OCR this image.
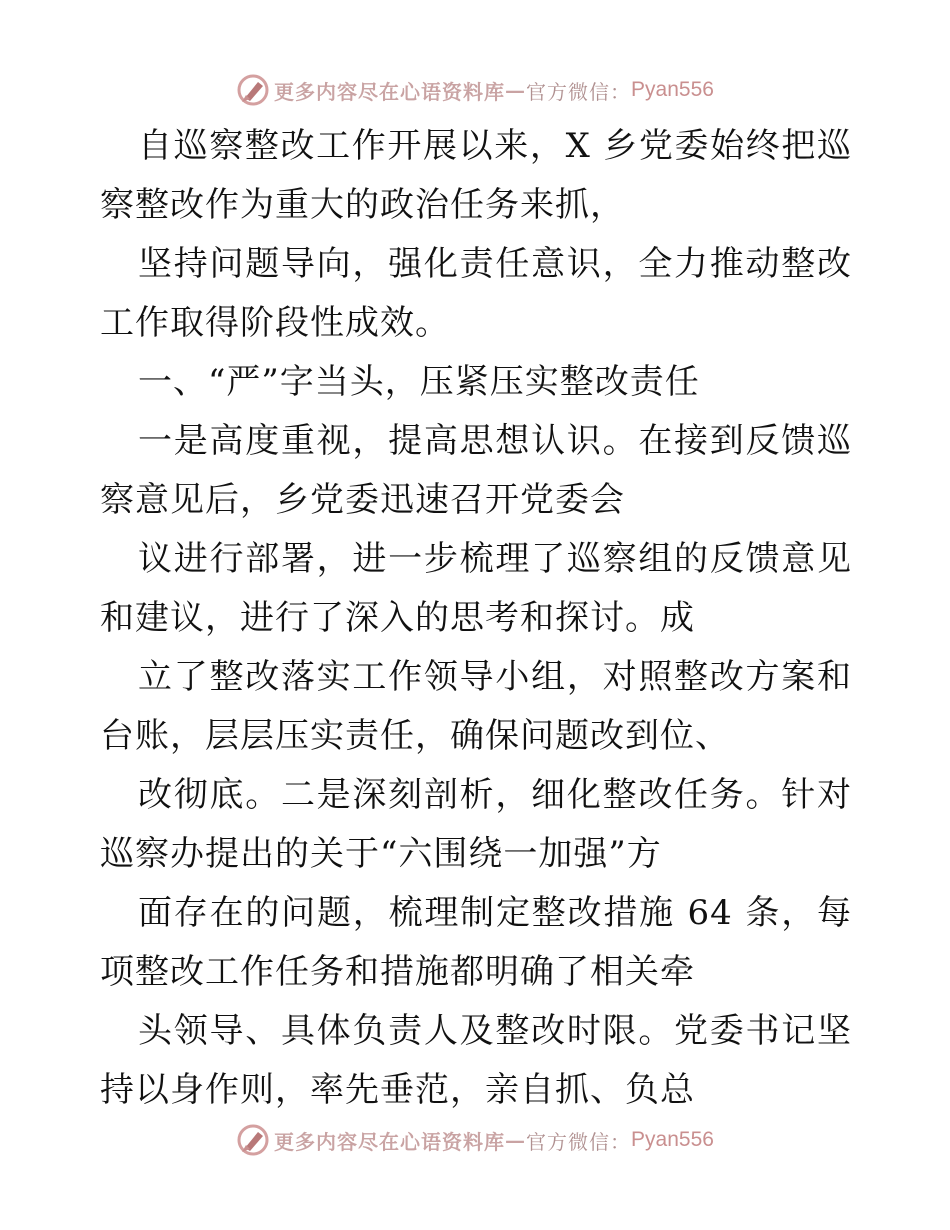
更多内容尽在心语资料库 — 官方微信： Pyan556

自巡察整改工作开展以来，X 乡党委始终把巡察整改作为重大的政治任务来抓，

坚持问题导向，强化责任意识，全力推动整改工作取得阶段性成效。

一、“严”字当头，压紧压实整改责任

一是高度重视，提高思想认识。在接到反馈巡察意见后，乡党委迅速召开党委会

议进行部署，进一步梳理了巡察组的反馈意见和建议，进行了深入的思考和探讨。成

立了整改落实工作领导小组，对照整改方案和台账，层层压实责任，确保问题改到位、

改彻底。二是深刻剖析，细化整改任务。针对巡察办提出的关于“六围绕一加强”方

面存在的问题，梳理制定整改措施 64 条，每项整改工作任务和措施都明确了相关牵

头领导、具体负责人及整改时限。党委书记坚持以身作则，率先垂范，亲自抓、负总

更多内容尽在心语资料库 — 官方微信： Pyan556
